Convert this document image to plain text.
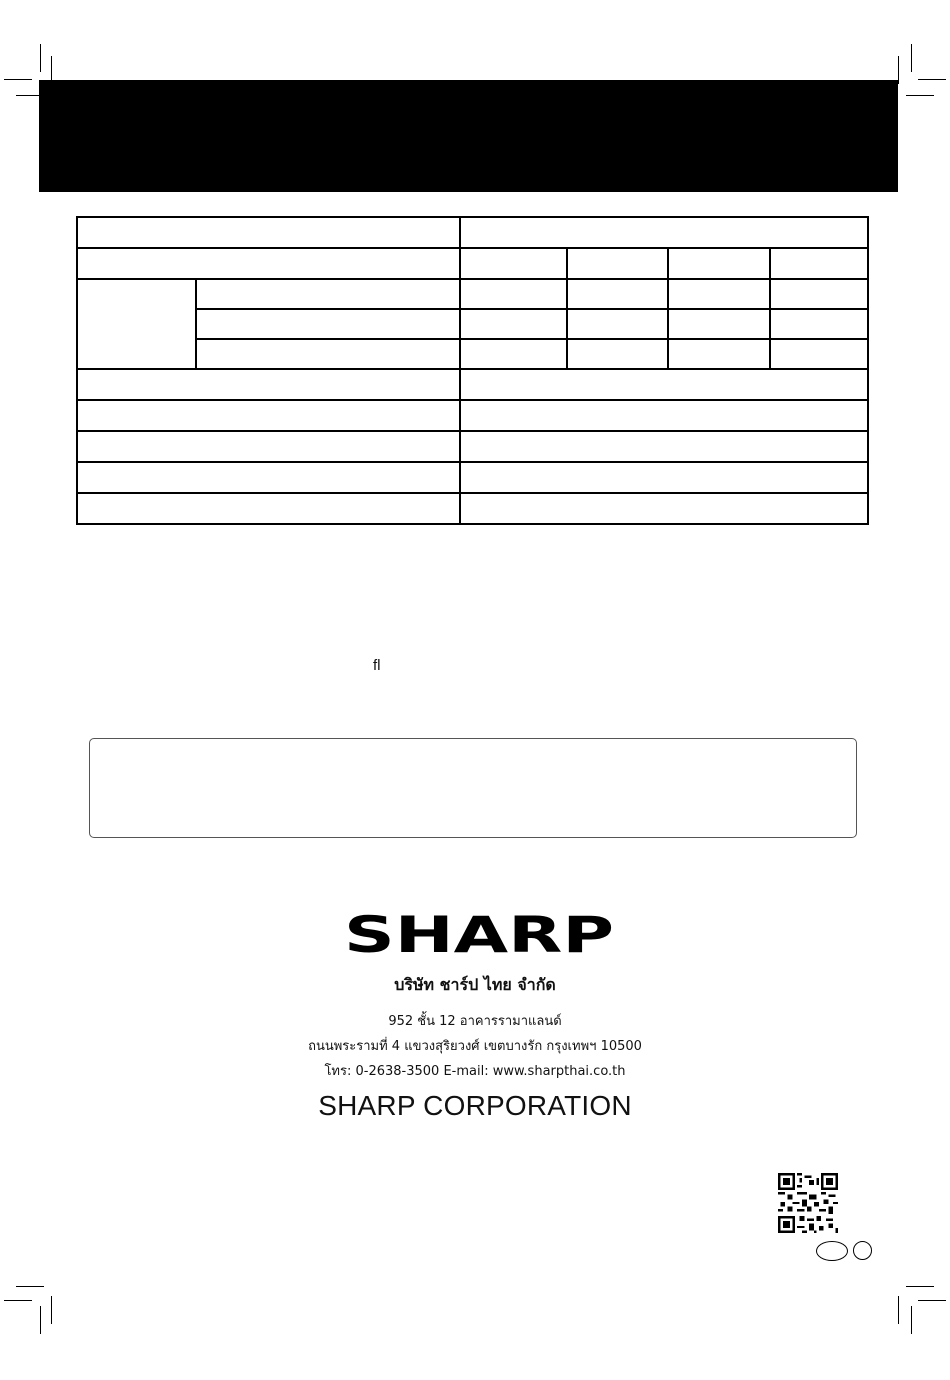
ﬂ
SHARP
บริษัท ชาร์ป ไทย จำกัด
952 ชั้น 12 อาคารรามาแลนด์
ถนนพระรามที่ 4 แขวงสุริยวงศ์ เขตบางรัก กรุงเทพฯ 10500
โทร: 0-2638-3500 E-mail: www.sharpthai.co.th
SHARP CORPORATION
